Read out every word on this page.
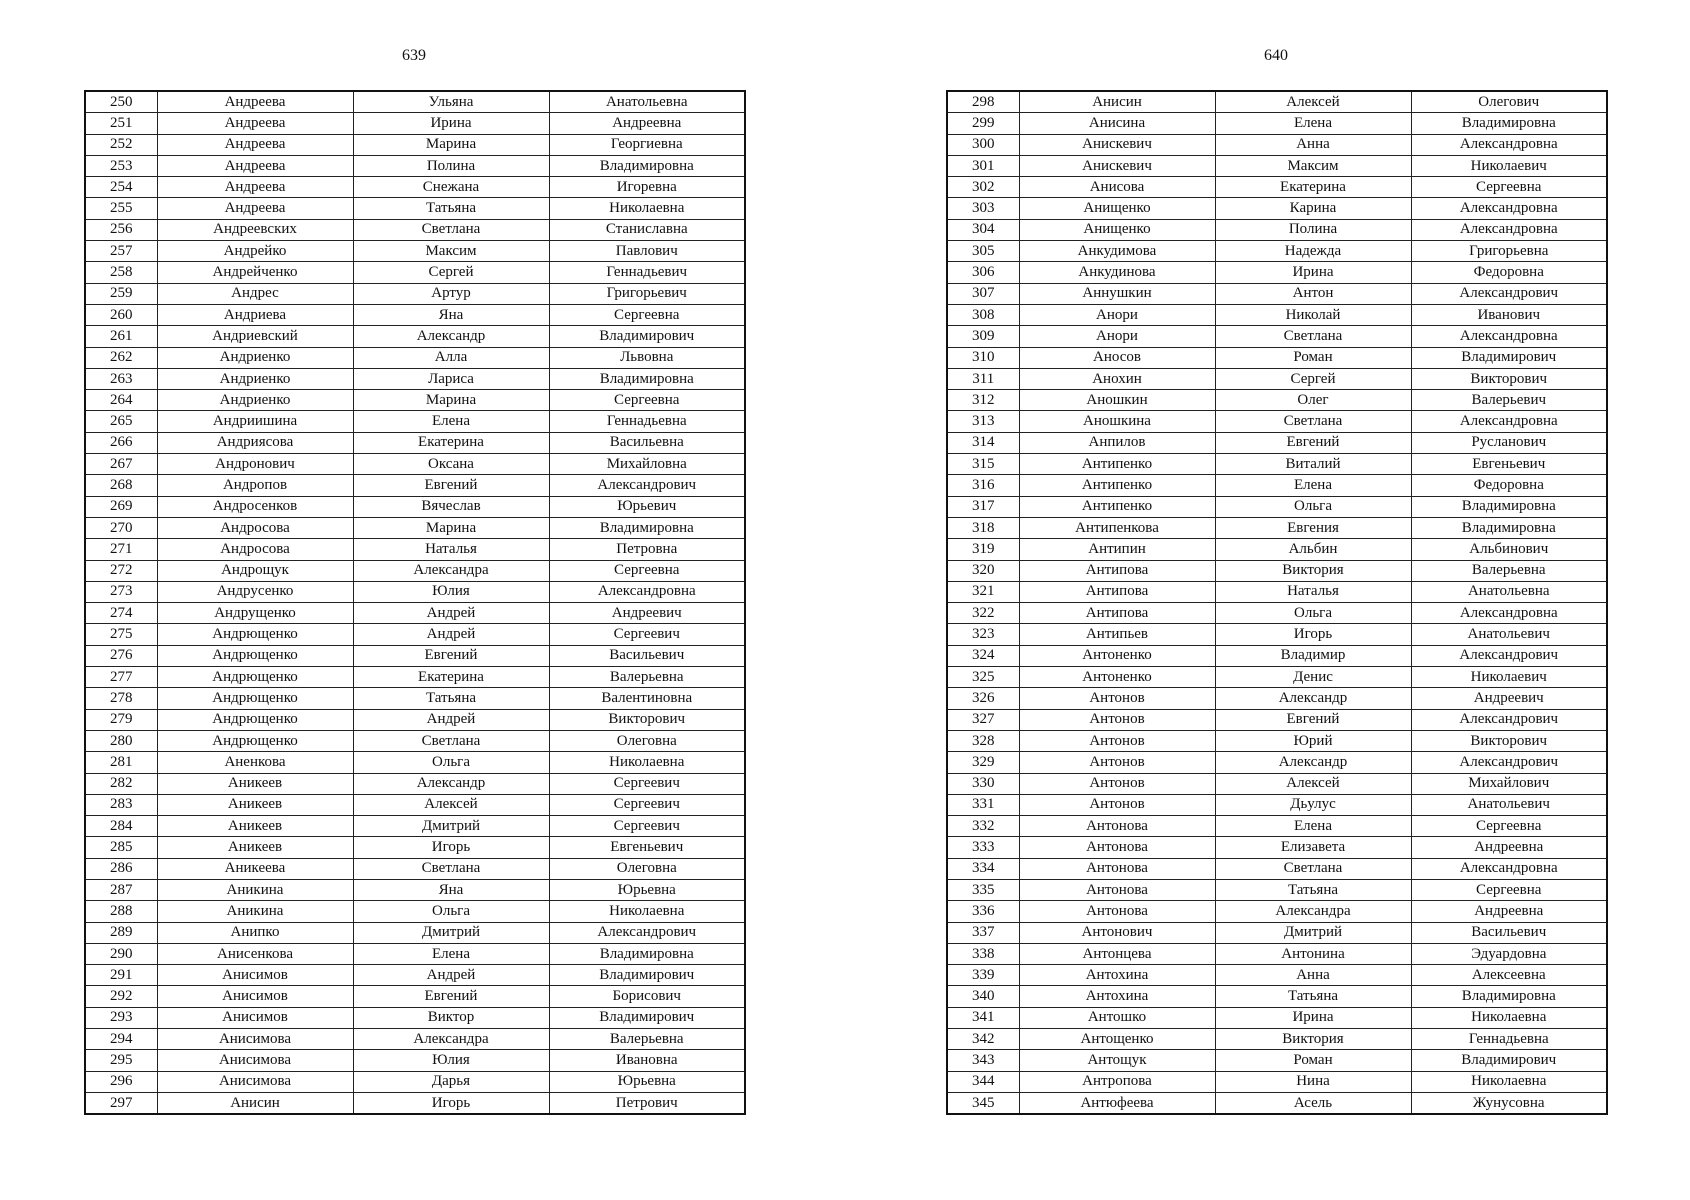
639
250	Андреева	Ульяна	Анатольевна
251	Андреева	Ирина	Андреевна
252	Андреева	Марина	Георгиевна
253	Андреева	Полина	Владимировна
254	Андреева	Снежана	Игоревна
255	Андреева	Татьяна	Николаевна
256	Андреевских	Светлана	Станиславна
257	Андрейко	Максим	Павлович
258	Андрейченко	Сергей	Геннадьевич
259	Андрес	Артур	Григорьевич
260	Андриева	Яна	Сергеевна
261	Андриевский	Александр	Владимирович
262	Андриенко	Алла	Львовна
263	Андриенко	Лариса	Владимировна
264	Андриенко	Марина	Сергеевна
265	Андриишина	Елена	Геннадьевна
266	Андриясова	Екатерина	Васильевна
267	Андронович	Оксана	Михайловна
268	Андропов	Евгений	Александрович
269	Андросенков	Вячеслав	Юрьевич
270	Андросова	Марина	Владимировна
271	Андросова	Наталья	Петровна
272	Андрощук	Александра	Сергеевна
273	Андрусенко	Юлия	Александровна
274	Андрущенко	Андрей	Андреевич
275	Андрющенко	Андрей	Сергеевич
276	Андрющенко	Евгений	Васильевич
277	Андрющенко	Екатерина	Валерьевна
278	Андрющенко	Татьяна	Валентиновна
279	Андрющенко	Андрей	Викторович
280	Андрющенко	Светлана	Олеговна
281	Аненкова	Ольга	Николаевна
282	Аникеев	Александр	Сергеевич
283	Аникеев	Алексей	Сергеевич
284	Аникеев	Дмитрий	Сергеевич
285	Аникеев	Игорь	Евгеньевич
286	Аникеева	Светлана	Олеговна
287	Аникина	Яна	Юрьевна
288	Аникина	Ольга	Николаевна
289	Анипко	Дмитрий	Александрович
290	Анисенкова	Елена	Владимировна
291	Анисимов	Андрей	Владимирович
292	Анисимов	Евгений	Борисович
293	Анисимов	Виктор	Владимирович
294	Анисимова	Александра	Валерьевна
295	Анисимова	Юлия	Ивановна
296	Анисимова	Дарья	Юрьевна
297	Анисин	Игорь	Петрович
640
298	Анисин	Алексей	Олегович
299	Анисина	Елена	Владимировна
300	Анискевич	Анна	Александровна
301	Анискевич	Максим	Николаевич
302	Анисова	Екатерина	Сергеевна
303	Анищенко	Карина	Александровна
304	Анищенко	Полина	Александровна
305	Анкудимова	Надежда	Григорьевна
306	Анкудинова	Ирина	Федоровна
307	Аннушкин	Антон	Александрович
308	Анори	Николай	Иванович
309	Анори	Светлана	Александровна
310	Аносов	Роман	Владимирович
311	Анохин	Сергей	Викторович
312	Аношкин	Олег	Валерьевич
313	Аношкина	Светлана	Александровна
314	Анпилов	Евгений	Русланович
315	Антипенко	Виталий	Евгеньевич
316	Антипенко	Елена	Федоровна
317	Антипенко	Ольга	Владимировна
318	Антипенкова	Евгения	Владимировна
319	Антипин	Альбин	Альбинович
320	Антипова	Виктория	Валерьевна
321	Антипова	Наталья	Анатольевна
322	Антипова	Ольга	Александровна
323	Антипьев	Игорь	Анатольевич
324	Антоненко	Владимир	Александрович
325	Антоненко	Денис	Николаевич
326	Антонов	Александр	Андреевич
327	Антонов	Евгений	Александрович
328	Антонов	Юрий	Викторович
329	Антонов	Александр	Александрович
330	Антонов	Алексей	Михайлович
331	Антонов	Дьулус	Анатольевич
332	Антонова	Елена	Сергеевна
333	Антонова	Елизавета	Андреевна
334	Антонова	Светлана	Александровна
335	Антонова	Татьяна	Сергеевна
336	Антонова	Александра	Андреевна
337	Антонович	Дмитрий	Васильевич
338	Антонцева	Антонина	Эдуардовна
339	Антохина	Анна	Алексеевна
340	Антохина	Татьяна	Владимировна
341	Антошко	Ирина	Николаевна
342	Антощенко	Виктория	Геннадьевна
343	Антощук	Роман	Владимирович
344	Антропова	Нина	Николаевна
345	Антюфеева	Асель	Жунусовна
